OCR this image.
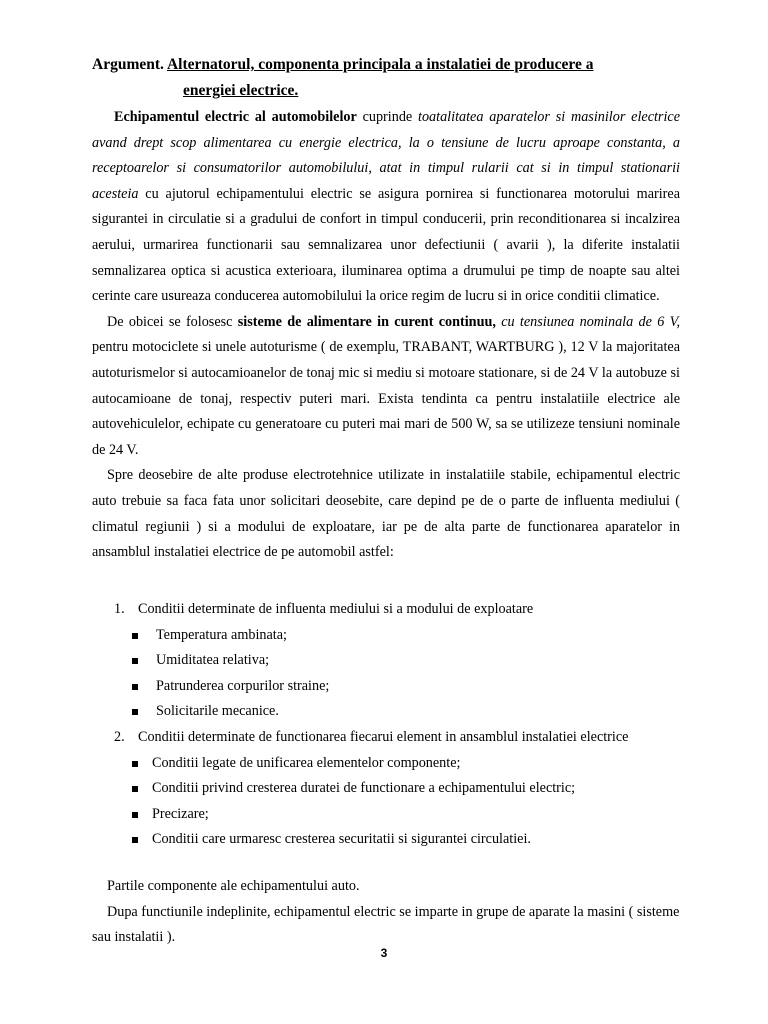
Argument. Alternatorul, componenta principala a instalatiei de producere a
energiei electrice.

Echipamentul electric al automobilelor cuprinde toatalitatea aparatelor si masinilor electrice avand drept scop alimentarea cu energie electrica, la o tensiune de lucru aproape constanta, a receptoarelor si consumatorilor automobilului, atat in timpul rularii cat si in timpul stationarii acesteia cu ajutorul echipamentului electric se asigura pornirea si functionarea motorului marirea sigurantei in circulatie si a gradului de confort in timpul conducerii, prin reconditionarea si incalzirea aerului, urmarirea functionarii sau semnalizarea unor defectiunii ( avarii ), la diferite instalatii semnalizarea optica si acustica exterioara, iluminarea optima a drumului pe timp de noapte sau altei cerinte care usureaza conducerea automobilului la orice regim de lucru si in orice conditii climatice.

De obicei se folosesc sisteme de alimentare in curent continuu, cu tensiunea nominala de 6 V, pentru motociclete si unele autoturisme ( de exemplu, TRABANT, WARTBURG ), 12 V la majoritatea autoturismelor si autocamioanelor de tonaj mic si mediu si motoare stationare, si de 24 V la autobuze si autocamioane de tonaj, respectiv puteri mari. Exista tendinta ca pentru instalatiile electrice ale autovehiculelor, echipate cu generatoare cu puteri mai mari de 500 W, sa se utilizeze tensiuni nominale de 24 V.

Spre deosebire de alte produse electrotehnice utilizate in instalatiile stabile, echipamentul electric auto trebuie sa faca fata unor solicitari deosebite, care depind pe de o parte de influenta mediului ( climatul regiunii ) si a modului de exploatare, iar pe de alta parte de functionarea aparatelor in ansamblul instalatiei electrice de pe automobil astfel:

1. Conditii determinate de influenta mediului si a modului de exploatare
Temperatura ambinata;
Umiditatea relativa;
Patrunderea corpurilor straine;
Solicitarile mecanice.
2. Conditii determinate de functionarea fiecarui element in ansamblul instalatiei electrice
Conditii legate de unificarea elementelor componente;
Conditii privind cresterea duratei de functionare a echipamentului electric;
Precizare;
Conditii care urmaresc cresterea securitatii si sigurantei circulatiei.

Partile componente ale echipamentului auto.

Dupa functiunile indeplinite, echipamentul electric se imparte in grupe de aparate la masini ( sisteme sau instalatii ).

3
